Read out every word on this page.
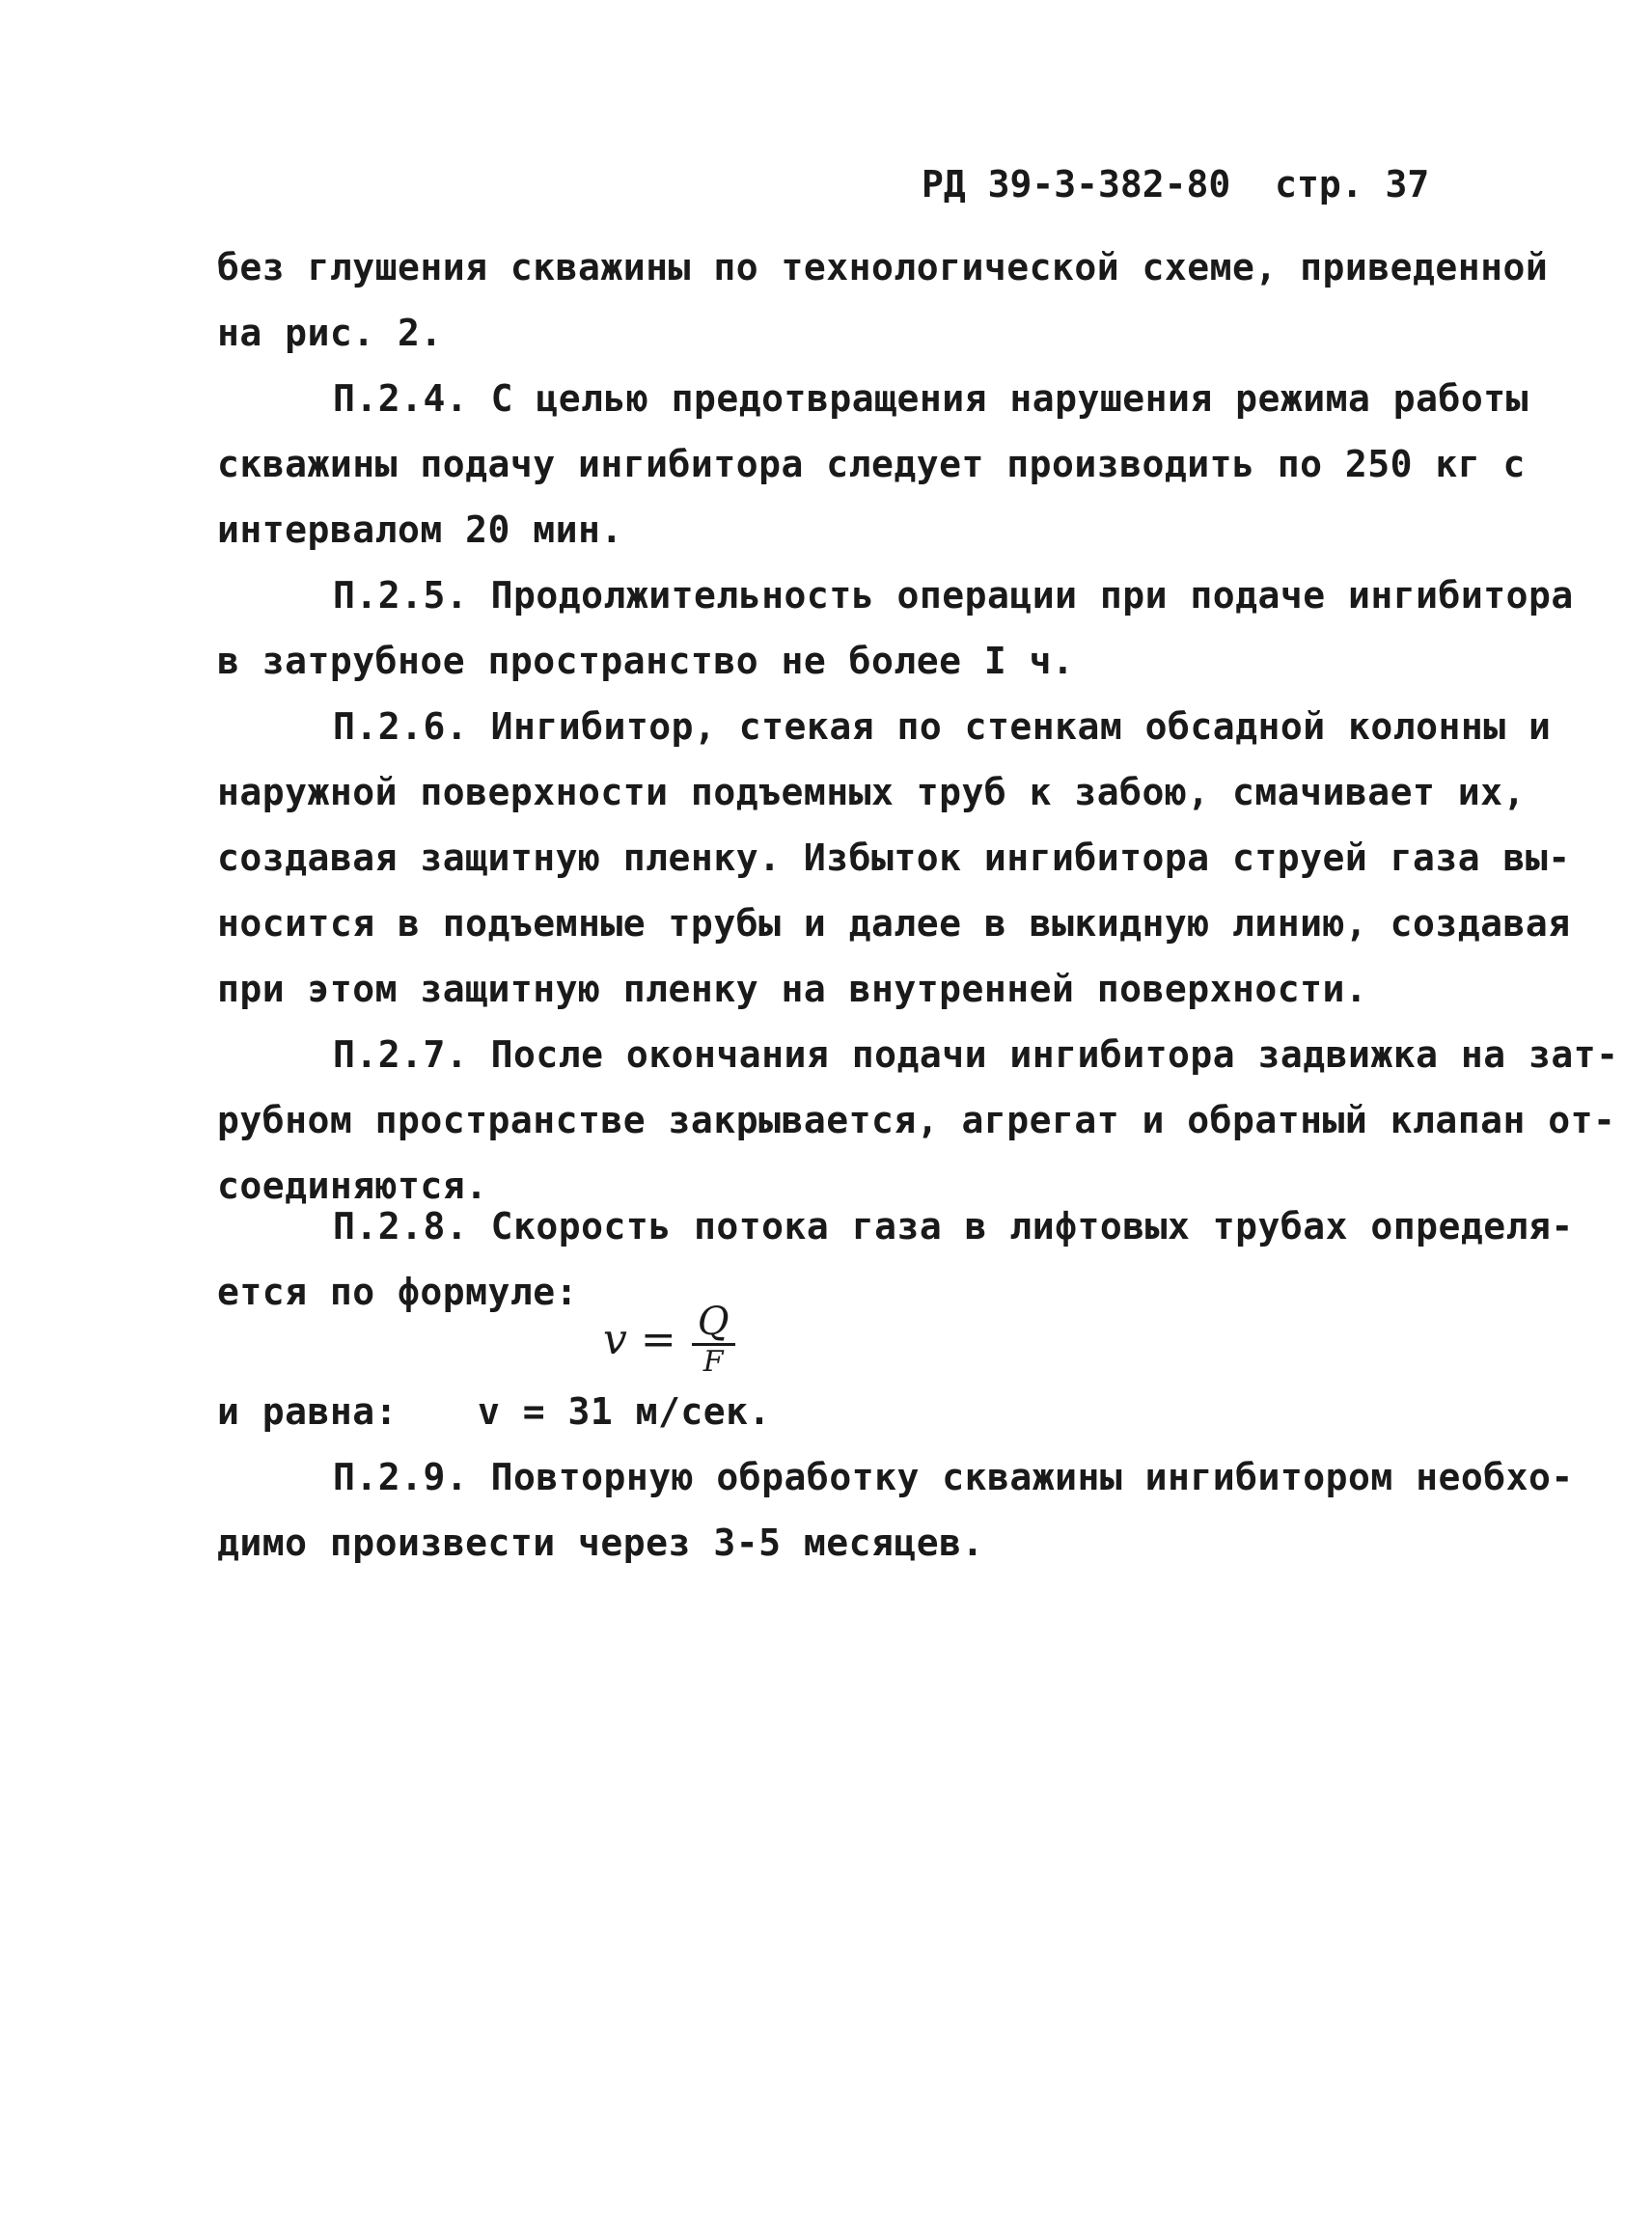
РД 39-3-382-80 стр. 37
без глушения скважины по технологической схеме, приведенной
на рис. 2.
П.2.4. С целью предотвращения нарушения режима работы
скважины подачу ингибитора следует производить по 250 кг с
интервалом 20 мин.
П.2.5. Продолжительность операции при подаче ингибитора
в затрубное пространство не более I ч.
П.2.6. Ингибитор, стекая по стенкам обсадной колонны и
наружной поверхности подъемных труб к забою, смачивает их,
создавая защитную пленку. Избыток ингибитора струей газа вы-
носится в подъемные трубы и далее в выкидную линию, создавая
при этом защитную пленку на внутренней поверхности.
П.2.7. После окончания подачи ингибитора задвижка на зат-
рубном пространстве закрывается, агрегат и обратный клапан от-
соединяются.
П.2.8. Скорость потока газа в лифтовых трубах определя-
ется по формуле:
$v = \frac{Q}{F}$
и равна: v = 31 м/сек.
П.2.9. Повторную обработку скважины ингибитором необхо-
димо произвести через 3-5 месяцев.
